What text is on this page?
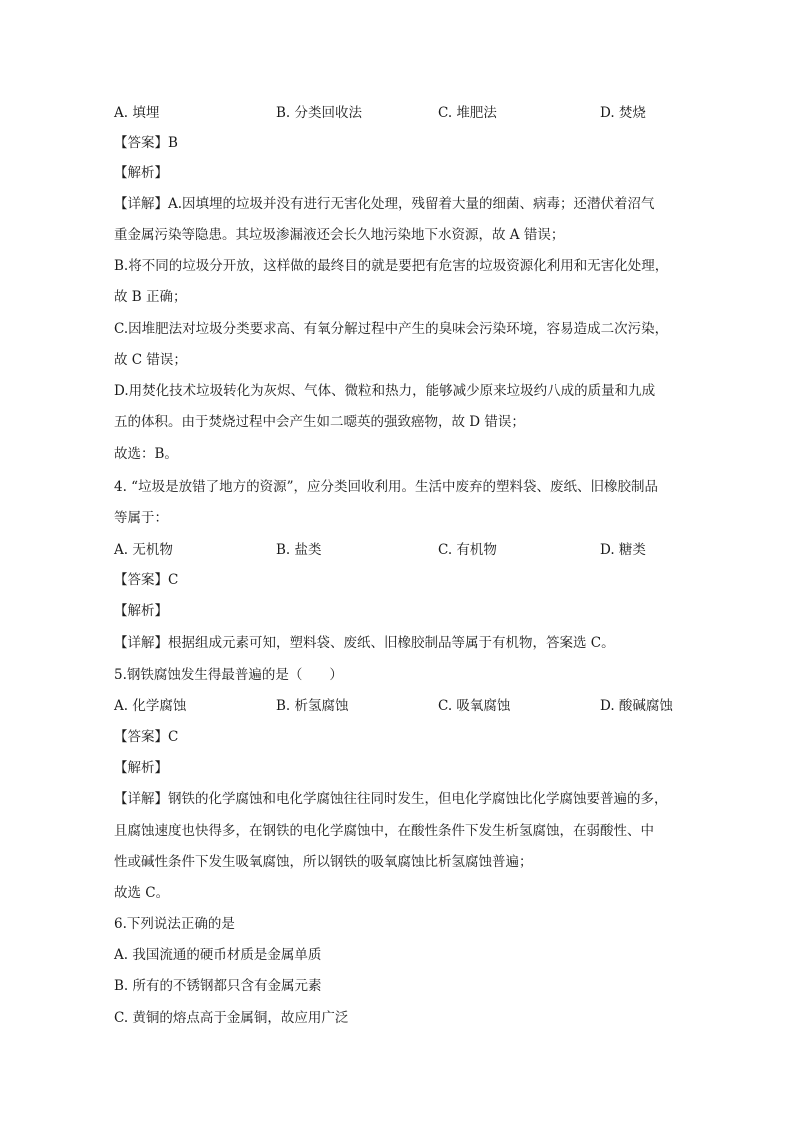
A. 填埋	B. 分类回收法	C. 堆肥法	D. 焚烧
【答案】B
【解析】
【详解】A.因填埋的垃圾并没有进行无害化处理，残留着大量的细菌、病毒；还潜伏着沼气
重金属污染等隐患。其垃圾渗漏液还会长久地污染地下水资源，故 A 错误；
B.将不同的垃圾分开放，这样做的最终目的就是要把有危害的垃圾资源化利用和无害化处理，
故 B 正确；
C.因堆肥法对垃圾分类要求高、有氧分解过程中产生的臭味会污染环境，容易造成二次污染，
故 C 错误；
D.用焚化技术垃圾转化为灰烬、气体、微粒和热力，能够减少原来垃圾约八成的质量和九成
五的体积。由于焚烧过程中会产生如二噁英的强致癌物，故 D 错误；
故选：B。
4. “垃圾是放错了地方的资源”，应分类回收利用。生活中废弃的塑料袋、废纸、旧橡胶制品
等属于：
A. 无机物	B. 盐类	C. 有机物	D. 糖类
【答案】C
【解析】
【详解】根据组成元素可知，塑料袋、废纸、旧橡胶制品等属于有机物，答案选 C。
5.钢铁腐蚀发生得最普遍的是（　　）
A. 化学腐蚀	B. 析氢腐蚀	C. 吸氧腐蚀	D. 酸碱腐蚀
【答案】C
【解析】
【详解】钢铁的化学腐蚀和电化学腐蚀往往同时发生，但电化学腐蚀比化学腐蚀要普遍的多，
且腐蚀速度也快得多，在钢铁的电化学腐蚀中，在酸性条件下发生析氢腐蚀，在弱酸性、中
性或碱性条件下发生吸氧腐蚀，所以钢铁的吸氧腐蚀比析氢腐蚀普遍；
故选 C。
6.下列说法正确的是
A. 我国流通的硬币材质是金属单质
B. 所有的不锈钢都只含有金属元素
C. 黄铜的熔点高于金属铜，故应用广泛
